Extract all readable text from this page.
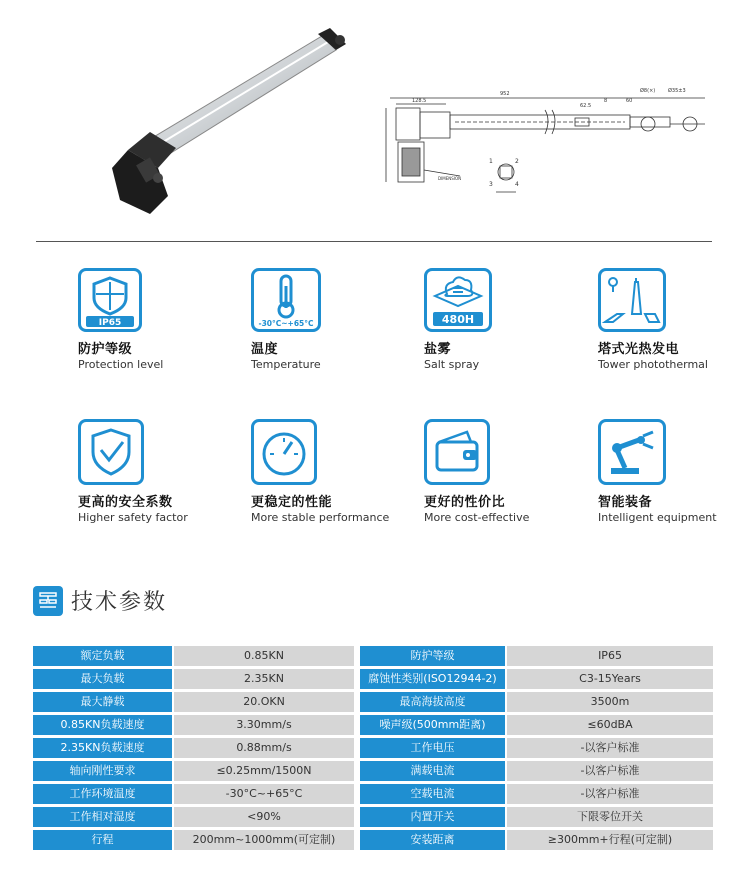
952
128.5	8	60
62.5
Ø8(×)	Ø35±3
1	2
3	4
DIMENSION
IP65
防护等级
Protection level
-30°C~+65°C
温度
Temperature
480H
盐雾
Salt spray
塔式光热发电
Tower photothermal
更高的安全系数
Higher safety factor
更稳定的性能
More stable performance
更好的性价比
More cost-effective
智能装备
Intelligent equipment
技术参数
额定负载	0.85KN	防护等级	IP65
最大负载	2.35KN	腐蚀性类别(ISO12944-2)	C3-15Years
最大静载	20.OKN	最高海拔高度	3500m
0.85KN负载速度	3.30mm/s	噪声级(500mm距离)	≤60dBA
2.35KN负载速度	0.88mm/s	工作电压	-以客户标准
轴向刚性要求	≤0.25mm/1500N	满载电流	-以客户标准
工作环境温度	-30°C~+65°C	空载电流	-以客户标准
工作相对湿度	<90%	内置开关	下限零位开关
行程	200mm~1000mm(可定制)	安装距离	≥300mm+行程(可定制)
